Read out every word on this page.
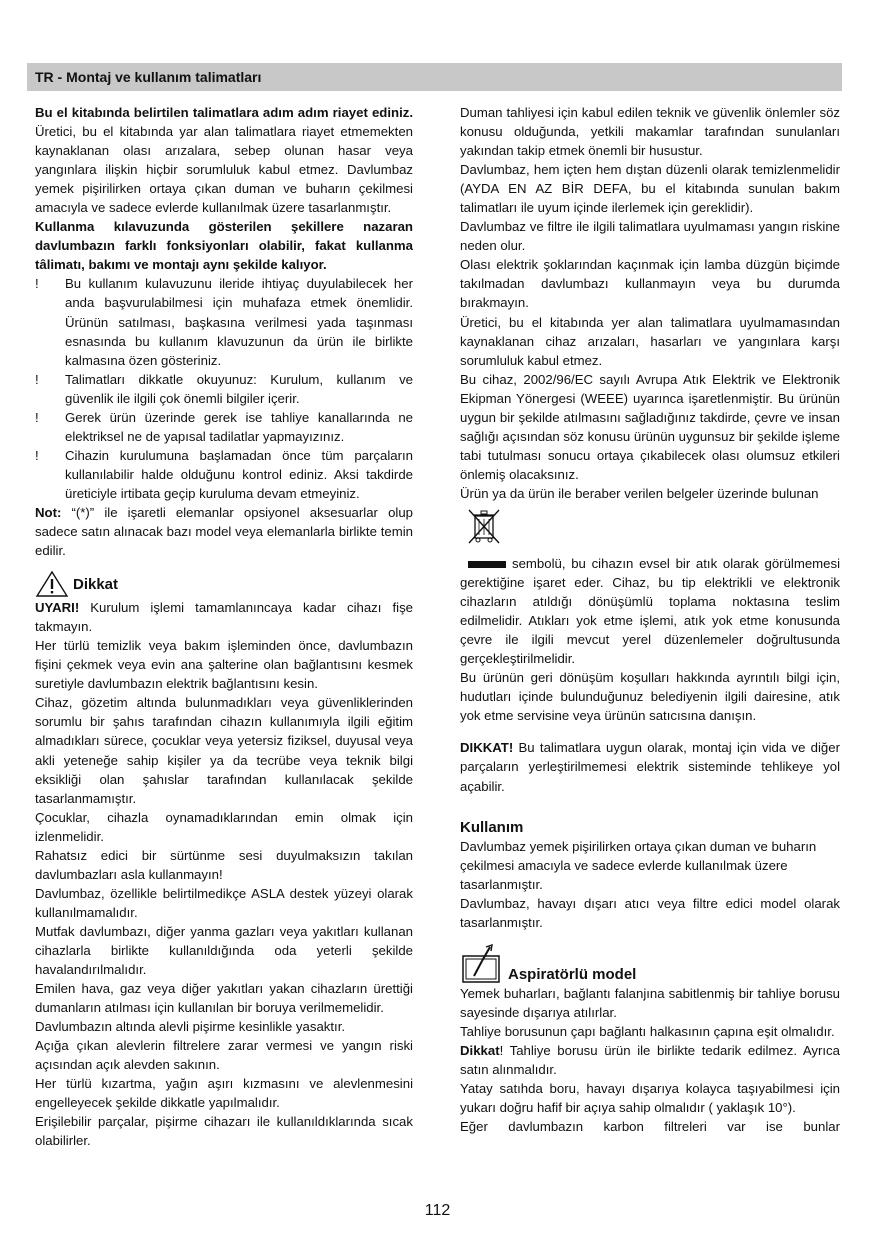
TR - Montaj ve kullanım talimatları

Bu el kitabında belirtilen talimatlara adım adım riayet ediniz. Üretici, bu el kitabında yar alan talimatlara riayet etmemekten kaynaklanan olası arızalara, sebep olunan hasar veya yangınlara ilişkin hiçbir sorumluluk kabul etmez. Davlumbaz yemek pişirilirken ortaya çıkan duman ve buharın çekilmesi amacıyla ve sadece evlerde kullanılmak üzere tasarlanmıştır.

Kullanma kılavuzunda gösterilen şekillere nazaran davlumbazın farklı fonksiyonları olabilir, fakat kullanma tâlimatı, bakımı ve montajı aynı şekilde kalıyor.

!	Bu kullanım kulavuzunu ileride ihtiyaç duyulabilecek her anda başvurulabilmesi için muhafaza etmek önemlidir. Ürünün satılması, başkasına verilmesi yada taşınması esnasında bu kullanım klavuzunun da ürün ile birlikte kalmasına özen gösteriniz.
!	Talimatları dikkatle okuyunuz: Kurulum, kullanım ve güvenlik ile ilgili çok önemli bilgiler içerir.
!	Gerek ürün üzerinde gerek ise tahliye kanallarında ne elektriksel ne de yapısal tadilatlar yapmayızınız.
!	Cihazin kurulumuna başlamadan önce tüm parçaların kullanılabilir halde olduğunu kontrol ediniz. Aksi takdirde üreticiyle irtibata geçip kuruluma devam etmeyiniz.

Not: “(*)” ile işaretli elemanlar opsiyonel aksesuarlar olup sadece satın alınacak bazı model veya elemanlarla birlikte temin edilir.

Dikkat

UYARI! Kurulum işlemi tamamlanıncaya kadar cihazı fişe takmayın.

Her türlü temizlik veya bakım işleminden önce, davlumbazın fişini çekmek veya evin ana şalterine olan bağlantısını kesmek suretiyle davlumbazın elektrik bağlantısını kesin.

Cihaz, gözetim altında bulunmadıkları veya güvenliklerinden sorumlu bir şahıs tarafından cihazın kullanımıyla ilgili eğitim almadıkları sürece, çocuklar veya yetersiz fiziksel, duyusal veya akli yeteneğe sahip kişiler ya da tecrübe veya teknik bilgi eksikliği olan şahıslar tarafından kullanılacak şekilde tasarlanmamıştır.

Çocuklar, cihazla oynamadıklarından emin olmak için izlenmelidir.

Rahatsız edici bir sürtünme sesi duyulmaksızın takılan davlumbazları asla kullanmayın!

Davlumbaz, özellikle belirtilmedikçe ASLA destek yüzeyi olarak kullanılmamalıdır.

Mutfak davlumbazı, diğer yanma gazları veya yakıtları kullanan cihazlarla birlikte kullanıldığında oda yeterli şekilde havalandırılmalıdır.

Emilen hava, gaz veya diğer yakıtları yakan cihazların ürettiği dumanların atılması için kullanılan bir boruya verilmemelidir.

Davlumbazın altında alevli pişirme kesinlikle yasaktır.

Açığa çıkan alevlerin filtrelere zarar vermesi ve yangın riski açısından açık alevden sakının.

Her türlü kızartma, yağın aşırı kızmasını ve alevlenmesini engelleyecek şekilde dikkatle yapılmalıdır.

Erişilebilir parçalar, pişirme cihazarı ile kullanıldıklarında sıcak olabilirler.

Duman tahliyesi için kabul edilen teknik ve güvenlik önlemler söz konusu olduğunda, yetkili makamlar tarafından sunulanları yakından takip etmek önemli bir husustur.

Davlumbaz, hem içten hem dıştan düzenli olarak temizlenmelidir (AYDA EN AZ BİR DEFA, bu el kitabında sunulan bakım talimatları ile uyum içinde ilerlemek için gereklidir).

Davlumbaz ve filtre ile ilgili talimatlara uyulmaması yangın riskine neden olur.

Olası elektrik şoklarından kaçınmak için lamba düzgün biçimde takılmadan davlumbazı kullanmayın veya bu durumda bırakmayın.

Üretici, bu el kitabında yer alan talimatlara uyulmamasından kaynaklanan cihaz arızaları, hasarları ve yangınlara karşı sorumluluk kabul etmez.

Bu cihaz, 2002/96/EC sayılı Avrupa Atık Elektrik ve Elektronik Ekipman Yönergesi (WEEE) uyarınca işaretlenmiştir. Bu ürünün uygun bir şekilde atılmasını sağladığınız takdirde, çevre ve insan sağlığı açısından söz konusu ürünün uygunsuz bir şekilde işleme tabi tutulması sonucu ortaya çıkabilecek olası olumsuz etkileri önlemiş olacaksınız.

Ürün ya da ürün ile beraber verilen belgeler üzerinde bulunan

sembolü, bu cihazın evsel bir atık olarak görülmemesi gerektiğine işaret eder. Cihaz, bu tip elektrikli ve elektronik cihazların atıldığı dönüşümlü toplama noktasına teslim edilmelidir. Atıkları yok etme işlemi, atık yok etme konusunda çevre ile ilgili mevcut yerel düzenlemeler doğrultusunda gerçekleştirilmelidir.

Bu ürünün geri dönüşüm koşulları hakkında ayrıntılı bilgi için, hudutları içinde bulunduğunuz belediyenin ilgili dairesine, atık yok etme servisine veya ürünün satıcısına danışın.

DIKKAT! Bu talimatlara uygun olarak, montaj için vida ve diğer parçaların yerleştirilmemesi elektrik sisteminde tehlikeye yol açabilir.

Kullanım

Davlumbaz yemek pişirilirken ortaya çıkan duman ve buharın çekilmesi amacıyla ve sadece evlerde kullanılmak üzere tasarlanmıştır.

Davlumbaz, havayı dışarı atıcı veya filtre edici model olarak tasarlanmıştır.

Aspiratörlü model

Yemek buharları, bağlantı falanjına sabitlenmiş bir tahliye borusu sayesinde dışarıya atılırlar.

Tahliye borusunun çapı bağlantı halkasının çapına eşit olmalıdır.

Dikkat! Tahliye borusu ürün ile birlikte tedarik edilmez. Ayrıca satın alınmalıdır.

Yatay satıhda boru, havayı dışarıya kolayca taşıyabilmesi için yukarı doğru hafif bir açıya sahip olmalıdır ( yaklaşık 10°).

Eğer davlumbazın karbon filtreleri var ise bunlar

112
